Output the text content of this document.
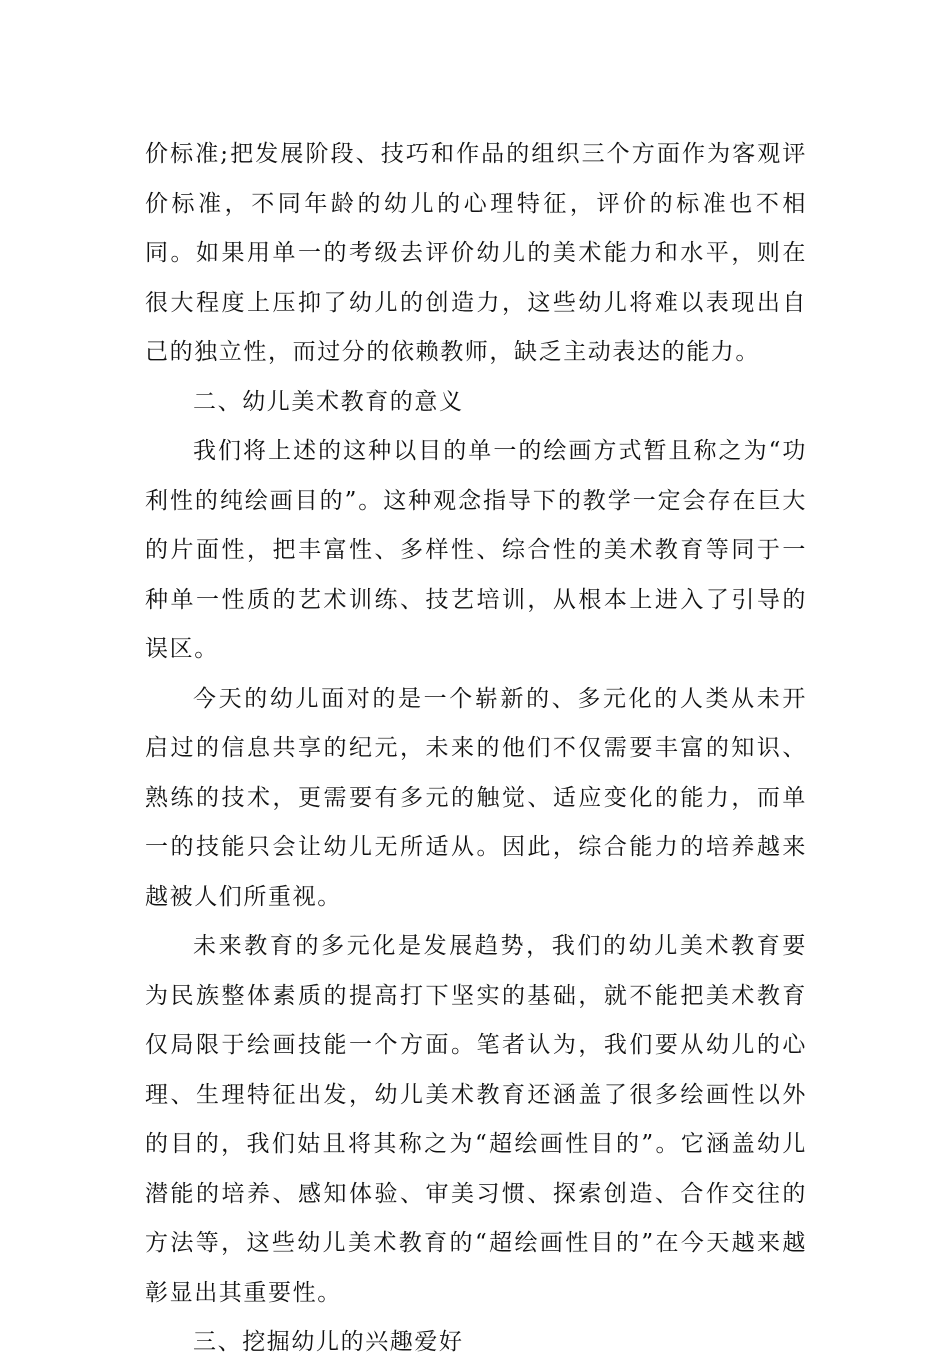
价标准;把发展阶段、技巧和作品的组织三个方面作为客观评价标准，不同年龄的幼儿的心理特征，评价的标准也不相同。如果用单一的考级去评价幼儿的美术能力和水平，则在很大程度上压抑了幼儿的创造力，这些幼儿将难以表现出自己的独立性，而过分的依赖教师，缺乏主动表达的能力。

二、幼儿美术教育的意义

我们将上述的这种以目的单一的绘画方式暂且称之为“功利性的纯绘画目的”。这种观念指导下的教学一定会存在巨大的片面性，把丰富性、多样性、综合性的美术教育等同于一种单一性质的艺术训练、技艺培训，从根本上进入了引导的误区。

今天的幼儿面对的是一个崭新的、多元化的人类从未开启过的信息共享的纪元，未来的他们不仅需要丰富的知识、熟练的技术，更需要有多元的触觉、适应变化的能力，而单一的技能只会让幼儿无所适从。因此，综合能力的培养越来越被人们所重视。

未来教育的多元化是发展趋势，我们的幼儿美术教育要为民族整体素质的提高打下坚实的基础，就不能把美术教育仅局限于绘画技能一个方面。笔者认为，我们要从幼儿的心理、生理特征出发，幼儿美术教育还涵盖了很多绘画性以外的目的，我们姑且将其称之为“超绘画性目的”。它涵盖幼儿潜能的培养、感知体验、审美习惯、探索创造、合作交往的方法等，这些幼儿美术教育的“超绘画性目的”在今天越来越彰显出其重要性。

三、挖掘幼儿的兴趣爱好
